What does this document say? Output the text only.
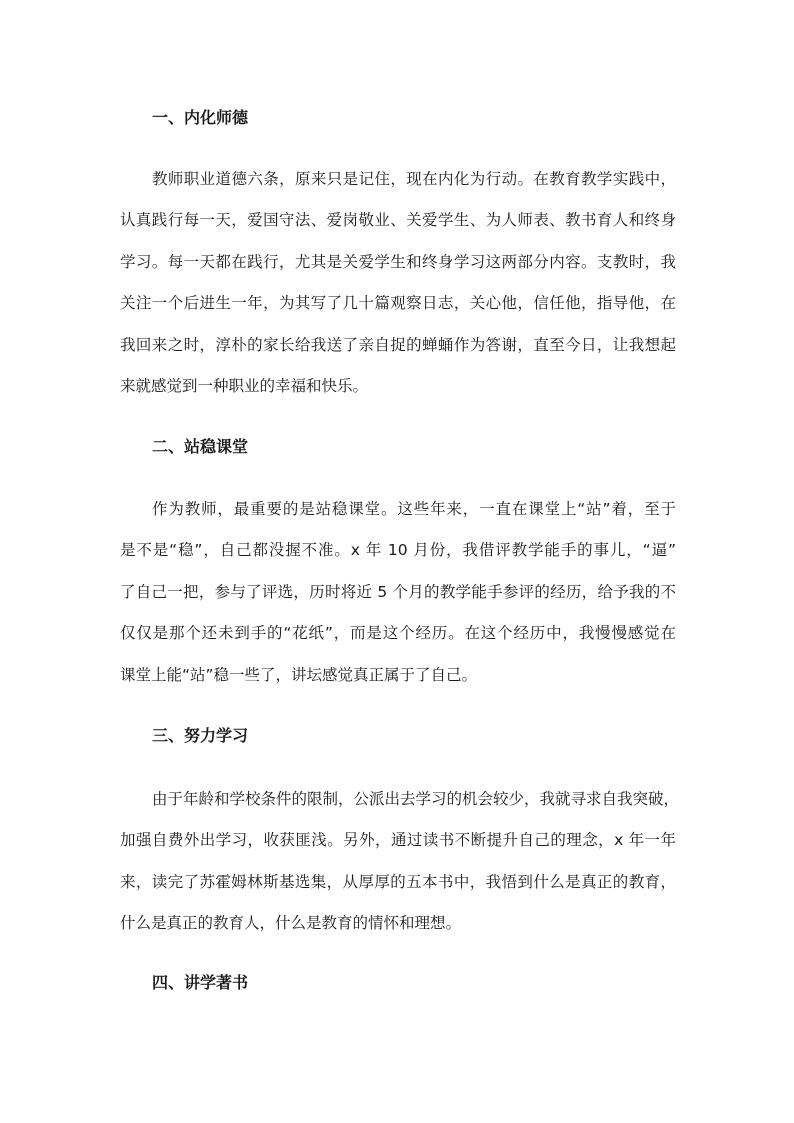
一、内化师德
教师职业道德六条，原来只是记住，现在内化为行动。在教育教学实践中，
认真践行每一天，爱国守法、爱岗敬业、关爱学生、为人师表、教书育人和终身
学习。每一天都在践行，尤其是关爱学生和终身学习这两部分内容。支教时，我
关注一个后进生一年，为其写了几十篇观察日志，关心他，信任他，指导他，在
我回来之时，淳朴的家长给我送了亲自捉的蝉蛹作为答谢，直至今日，让我想起
来就感觉到一种职业的幸福和快乐。
二、站稳课堂
作为教师，最重要的是站稳课堂。这些年来，一直在课堂上“站”着，至于
是不是“稳”，自己都没握不准。x 年 10 月份，我借评教学能手的事儿，“逼”
了自己一把，参与了评选，历时将近 5 个月的教学能手参评的经历，给予我的不
仅仅是那个还未到手的“花纸”，而是这个经历。在这个经历中，我慢慢感觉在
课堂上能“站”稳一些了，讲坛感觉真正属于了自己。
三、努力学习
由于年龄和学校条件的限制，公派出去学习的机会较少，我就寻求自我突破，
加强自费外出学习，收获匪浅。另外，通过读书不断提升自己的理念，x 年一年
来，读完了苏霍姆林斯基选集，从厚厚的五本书中，我悟到什么是真正的教育，
什么是真正的教育人，什么是教育的情怀和理想。
四、讲学著书
